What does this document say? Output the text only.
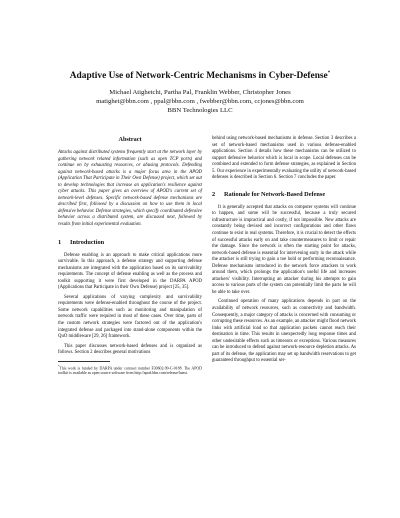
Adaptive Use of Network-Centric Mechanisms in Cyber-Defense*
Michael Atighetchi, Partha Pal, Franklin Webber, Christopher Jones
matighet@bbn.com , ppal@bbn.com , fwebber@bbn.com, ccjones@bbn.com
BBN Technologies LLC
Abstract
Attacks against distributed systems frequently start at the network layer by gathering network related information (such as open TCP ports) and continue on by exhausting resources, or abusing protocols. Defending against network-based attacks is a major focus area in the APOD (Application That Participate in Their Own Defense) project, which set out to develop technologies that increase an application's resilience against cyber attacks. This paper gives an overview of APOD's current set of network-level defenses. Specific network-based defense mechanisms are described first, followed by a discussion on how to use them in local defensive behavior. Defense strategies, which specify coordinated defensive behavior across a distributed system, are discussed next, followed by results from initial experimental evaluation.
1 Introduction

Defense enabling is an approach to make critical applications more survivable. In this approach, a defense strategy and supporting defense mechanisms are integrated with the application based on its survivability requirements. The concept of defense enabling as well as the process and toolkit supporting it were first developed in the DARPA APOD (Applications that Participate in their Own Defense) project [25, 35].

Several applications of varying complexity and survivability requirements were defense-enabled throughout the course of the project. Some network capabilities such as monitoring and manipulation of network traffic were required in most of these cases. Over time, parts of the custom network strategies were factored out of the application's integrated defense and packaged into stand-alone components within the QuO middleware [29, 26] framework.

This paper discusses network-based defenses and is organized as follows. Section 2 describes general motivations

*This work is funded by DARPA under contract number F30602-99-C-0188. The APOD toolkit is available as open source software from http://apod.bbn.com/release/latest.

behind using network-based mechanisms in defense. Section 3 describes a set of network-based mechanisms used in various defense-enabled applications. Section 4 details how these mechanisms can be utilized to support defensive behavior which is local in scope. Local defenses can be combined and extended to form defense strategies, as explained in Section 5. Our experience in experimentally evaluating the utility of network-based defenses is described in Section 6. Section 7 concludes the paper.

2 Rationale for Network-Based Defense

It is generally accepted that attacks on computer systems will continue to happen, and some will be successful, because a truly secured infrastructure is impractical and costly, if not impossible. New attacks are constantly being devised and incorrect configurations and other flaws continue to exist in real systems. Therefore, it is crucial to detect the effects of successful attacks early on and take countermeasures to limit or repair the damage. Since the network is often the starting point for attacks, network-based defense is essential for intervening early in the attack while the attacker is still trying to gain a toe hold or performing reconnaissance. Defense mechanisms introduced in the network force attackers to work around them, which prolongs the application's useful life and increases attackers' visibility. Interrupting an attacker during his attempts to gain access to various parts of the system can potentially limit the parts he will be able to take over.

Continued operation of many applications depends in part on the availability of network resources, such as connectivity and bandwidth. Consequently, a major category of attacks is concerned with consuming or corrupting these resources. As an example, an attacker might flood network links with artificial load so that application packets cannot reach their destination in time. This results in unexpectedly long response times and other undesirable effects such as timeouts or exceptions. Various measures can be introduced to defend against network-resource depletion attacks. As part of its defense, the application may set up bandwidth reservations to get guaranteed throughput to essential ser-
